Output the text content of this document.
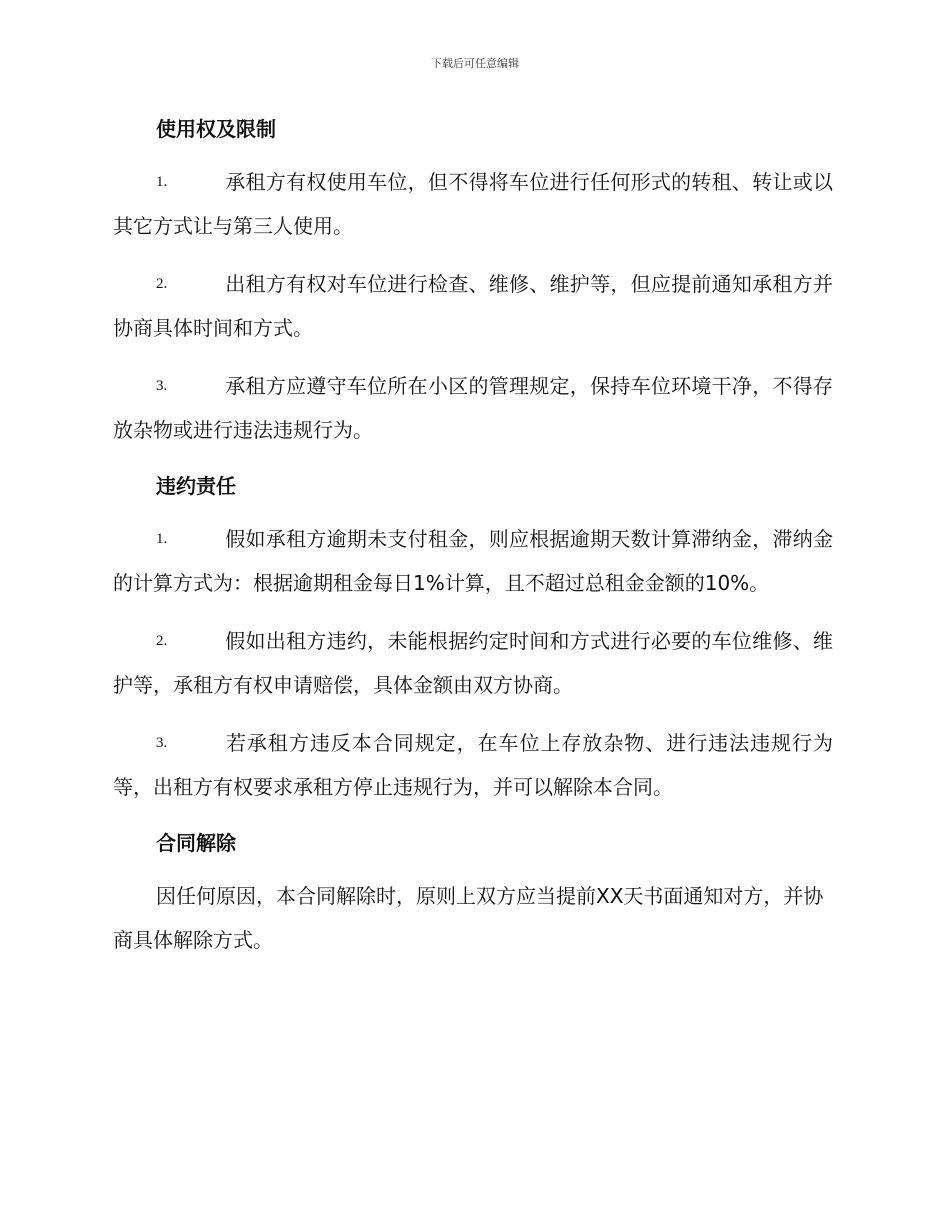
下载后可任意编辑
使用权及限制

1.	承租方有权使用车位，但不得将车位进行任何形式的转租、转让或以其它方式让与第三人使用。

2.	出租方有权对车位进行检查、维修、维护等，但应提前通知承租方并协商具体时间和方式。

3.	承租方应遵守车位所在小区的管理规定，保持车位环境干净，不得存放杂物或进行违法违规行为。

违约责任

1.	假如承租方逾期未支付租金，则应根据逾期天数计算滞纳金，滞纳金的计算方式为：根据逾期租金每日1%计算，且不超过总租金金额的10%。

2.	假如出租方违约，未能根据约定时间和方式进行必要的车位维修、维护等，承租方有权申请赔偿，具体金额由双方协商。

3.	若承租方违反本合同规定，在车位上存放杂物、进行违法违规行为等，出租方有权要求承租方停止违规行为，并可以解除本合同。

合同解除

因任何原因，本合同解除时，原则上双方应当提前XX天书面通知对方，并协商具体解除方式。
